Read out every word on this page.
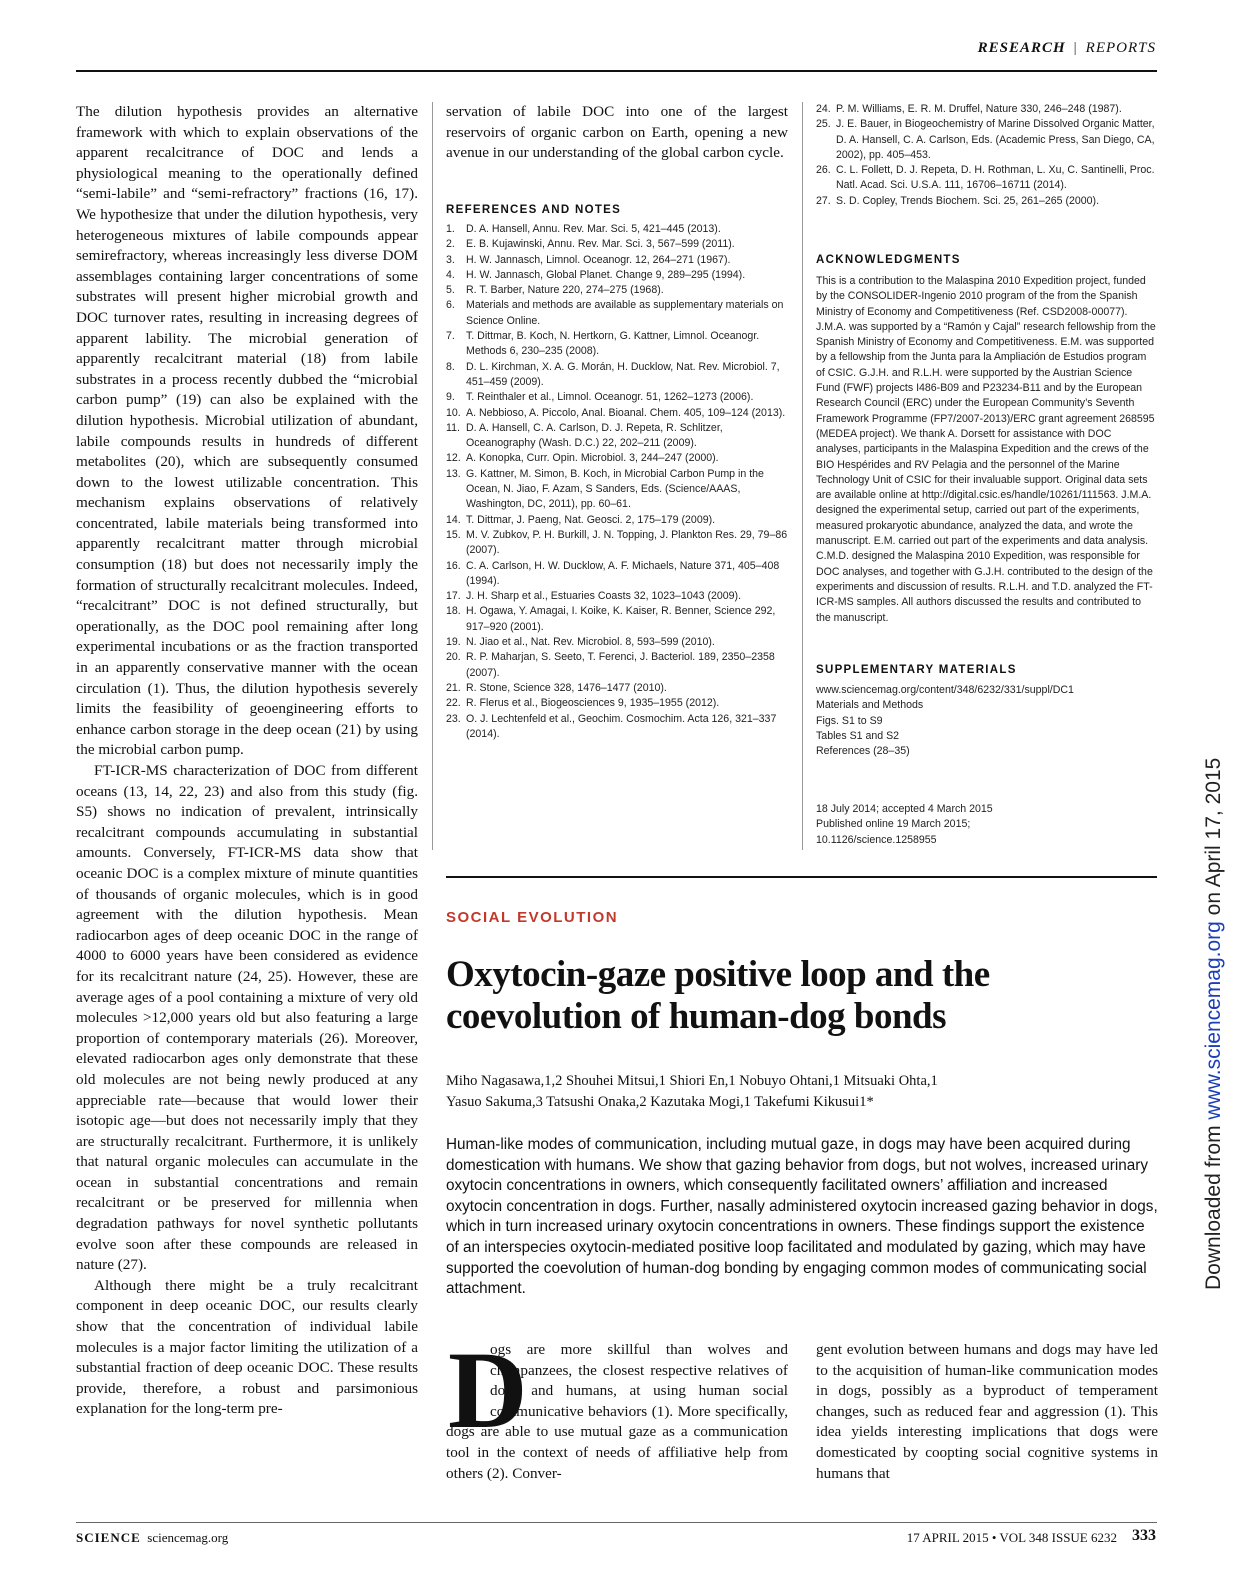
RESEARCH | REPORTS

The dilution hypothesis provides an alternative framework with which to explain observations of the apparent recalcitrance of DOC and lends a physiological meaning to the operationally defined “semi-labile” and “semi-refractory” fractions (16, 17). We hypothesize that under the dilution hypothesis, very heterogeneous mixtures of labile compounds appear semirefractory, whereas increasingly less diverse DOM assemblages containing larger concentrations of some substrates will present higher microbial growth and DOC turnover rates, resulting in increasing degrees of apparent lability. The microbial generation of apparently recalcitrant material (18) from labile substrates in a process recently dubbed the “microbial carbon pump” (19) can also be explained with the dilution hypothesis. Microbial utilization of abundant, labile compounds results in hundreds of different metabolites (20), which are subsequently consumed down to the lowest utilizable concentration. This mechanism explains observations of relatively concentrated, labile materials being transformed into apparently recalcitrant matter through microbial consumption (18) but does not necessarily imply the formation of structurally recalcitrant molecules. Indeed, “recalcitrant” DOC is not defined structurally, but operationally, as the DOC pool remaining after long experimental incubations or as the fraction transported in an apparently conservative manner with the ocean circulation (1). Thus, the dilution hypothesis severely limits the feasibility of geoengineering efforts to enhance carbon storage in the deep ocean (21) by using the microbial carbon pump.

FT-ICR-MS characterization of DOC from different oceans (13, 14, 22, 23) and also from this study (fig. S5) shows no indication of prevalent, intrinsically recalcitrant compounds accumulating in substantial amounts. Conversely, FT-ICR-MS data show that oceanic DOC is a complex mixture of minute quantities of thousands of organic molecules, which is in good agreement with the dilution hypothesis. Mean radiocarbon ages of deep oceanic DOC in the range of 4000 to 6000 years have been considered as evidence for its recalcitrant nature (24, 25). However, these are average ages of a pool containing a mixture of very old molecules >12,000 years old but also featuring a large proportion of contemporary materials (26). Moreover, elevated radiocarbon ages only demonstrate that these old molecules are not being newly produced at any appreciable rate—because that would lower their isotopic age—but does not necessarily imply that they are structurally recalcitrant. Furthermore, it is unlikely that natural organic molecules can accumulate in the ocean in substantial concentrations and remain recalcitrant or be preserved for millennia when degradation pathways for novel synthetic pollutants evolve soon after these compounds are released in nature (27).

Although there might be a truly recalcitrant component in deep oceanic DOC, our results clearly show that the concentration of individual labile molecules is a major factor limiting the utilization of a substantial fraction of deep oceanic DOC. These results provide, therefore, a robust and parsimonious explanation for the long-term pre-

servation of labile DOC into one of the largest reservoirs of organic carbon on Earth, opening a new avenue in our understanding of the global carbon cycle.
REFERENCES AND NOTES
1. D. A. Hansell, Annu. Rev. Mar. Sci. 5, 421–445 (2013).
2. E. B. Kujawinski, Annu. Rev. Mar. Sci. 3, 567–599 (2011).
3. H. W. Jannasch, Limnol. Oceanogr. 12, 264–271 (1967).
4. H. W. Jannasch, Global Planet. Change 9, 289–295 (1994).
5. R. T. Barber, Nature 220, 274–275 (1968).
6. Materials and methods are available as supplementary materials on Science Online.
7. T. Dittmar, B. Koch, N. Hertkorn, G. Kattner, Limnol. Oceanogr. Methods 6, 230–235 (2008).
8. D. L. Kirchman, X. A. G. Morán, H. Ducklow, Nat. Rev. Microbiol. 7, 451–459 (2009).
9. T. Reinthaler et al., Limnol. Oceanogr. 51, 1262–1273 (2006).
10. A. Nebbioso, A. Piccolo, Anal. Bioanal. Chem. 405, 109–124 (2013).
11. D. A. Hansell, C. A. Carlson, D. J. Repeta, R. Schlitzer, Oceanography (Wash. D.C.) 22, 202–211 (2009).
12. A. Konopka, Curr. Opin. Microbiol. 3, 244–247 (2000).
13. G. Kattner, M. Simon, B. Koch, in Microbial Carbon Pump in the Ocean, N. Jiao, F. Azam, S Sanders, Eds. (Science/AAAS, Washington, DC, 2011), pp. 60–61.
14. T. Dittmar, J. Paeng, Nat. Geosci. 2, 175–179 (2009).
15. M. V. Zubkov, P. H. Burkill, J. N. Topping, J. Plankton Res. 29, 79–86 (2007).
16. C. A. Carlson, H. W. Ducklow, A. F. Michaels, Nature 371, 405–408 (1994).
17. J. H. Sharp et al., Estuaries Coasts 32, 1023–1043 (2009).
18. H. Ogawa, Y. Amagai, I. Koike, K. Kaiser, R. Benner, Science 292, 917–920 (2001).
19. N. Jiao et al., Nat. Rev. Microbiol. 8, 593–599 (2010).
20. R. P. Maharjan, S. Seeto, T. Ferenci, J. Bacteriol. 189, 2350–2358 (2007).
21. R. Stone, Science 328, 1476–1477 (2010).
22. R. Flerus et al., Biogeosciences 9, 1935–1955 (2012).
23. O. J. Lechtenfeld et al., Geochim. Cosmochim. Acta 126, 321–337 (2014).
24. P. M. Williams, E. R. M. Druffel, Nature 330, 246–248 (1987).
25. J. E. Bauer, in Biogeochemistry of Marine Dissolved Organic Matter, D. A. Hansell, C. A. Carlson, Eds. (Academic Press, San Diego, CA, 2002), pp. 405–453.
26. C. L. Follett, D. J. Repeta, D. H. Rothman, L. Xu, C. Santinelli, Proc. Natl. Acad. Sci. U.S.A. 111, 16706–16711 (2014).
27. S. D. Copley, Trends Biochem. Sci. 25, 261–265 (2000).
ACKNOWLEDGMENTS
This is a contribution to the Malaspina 2010 Expedition project, funded by the CONSOLIDER-Ingenio 2010 program of the from the Spanish Ministry of Economy and Competitiveness (Ref. CSD2008-00077). J.M.A. was supported by a “Ramón y Cajal” research fellowship from the Spanish Ministry of Economy and Competitiveness. E.M. was supported by a fellowship from the Junta para la Ampliación de Estudios program of CSIC. G.J.H. and R.L.H. were supported by the Austrian Science Fund (FWF) projects I486-B09 and P23234-B11 and by the European Research Council (ERC) under the European Community’s Seventh Framework Programme (FP7/2007-2013)/ERC grant agreement 268595 (MEDEA project). We thank A. Dorsett for assistance with DOC analyses, participants in the Malaspina Expedition and the crews of the BIO Hespérides and RV Pelagia and the personnel of the Marine Technology Unit of CSIC for their invaluable support. Original data sets are available online at http://digital.csic.es/handle/10261/111563. J.M.A. designed the experimental setup, carried out part of the experiments, measured prokaryotic abundance, analyzed the data, and wrote the manuscript. E.M. carried out part of the experiments and data analysis. C.M.D. designed the Malaspina 2010 Expedition, was responsible for DOC analyses, and together with G.J.H. contributed to the design of the experiments and discussion of results. R.L.H. and T.D. analyzed the FT-ICR-MS samples. All authors discussed the results and contributed to the manuscript.
SUPPLEMENTARY MATERIALS
www.sciencemag.org/content/348/6232/331/suppl/DC1
Materials and Methods
Figs. S1 to S9
Tables S1 and S2
References (28–35)
18 July 2014; accepted 4 March 2015
Published online 19 March 2015;
10.1126/science.1258955
Downloaded from www.sciencemag.org on April 17, 2015
SOCIAL EVOLUTION
Oxytocin-gaze positive loop and the
coevolution of human-dog bonds
Miho Nagasawa,1,2 Shouhei Mitsui,1 Shiori En,1 Nobuyo Ohtani,1 Mitsuaki Ohta,1
Yasuo Sakuma,3 Tatsushi Onaka,2 Kazutaka Mogi,1 Takefumi Kikusui1*
Human-like modes of communication, including mutual gaze, in dogs may have been acquired during domestication with humans. We show that gazing behavior from dogs, but not wolves, increased urinary oxytocin concentrations in owners, which consequently facilitated owners’ affiliation and increased oxytocin concentration in dogs. Further, nasally administered oxytocin increased gazing behavior in dogs, which in turn increased urinary oxytocin concentrations in owners. These findings support the existence of an interspecies oxytocin-mediated positive loop facilitated and modulated by gazing, which may have supported the coevolution of human-dog bonding by engaging common modes of communicating social attachment.
D
ogs are more skillful than wolves and chimpanzees, the closest respective relatives of dogs and humans, at using human social communicative behaviors (1). More specifically, dogs are able to use mutual gaze as a communication tool in the context of needs of affiliative help from others (2). Conver-
gent evolution between humans and dogs may have led to the acquisition of human-like communication modes in dogs, possibly as a byproduct of temperament changes, such as reduced fear and aggression (1). This idea yields interesting implications that dogs were domesticated by coopting social cognitive systems in humans that
SCIENCE sciencemag.org	17 APRIL 2015 • VOL 348 ISSUE 6232 333
